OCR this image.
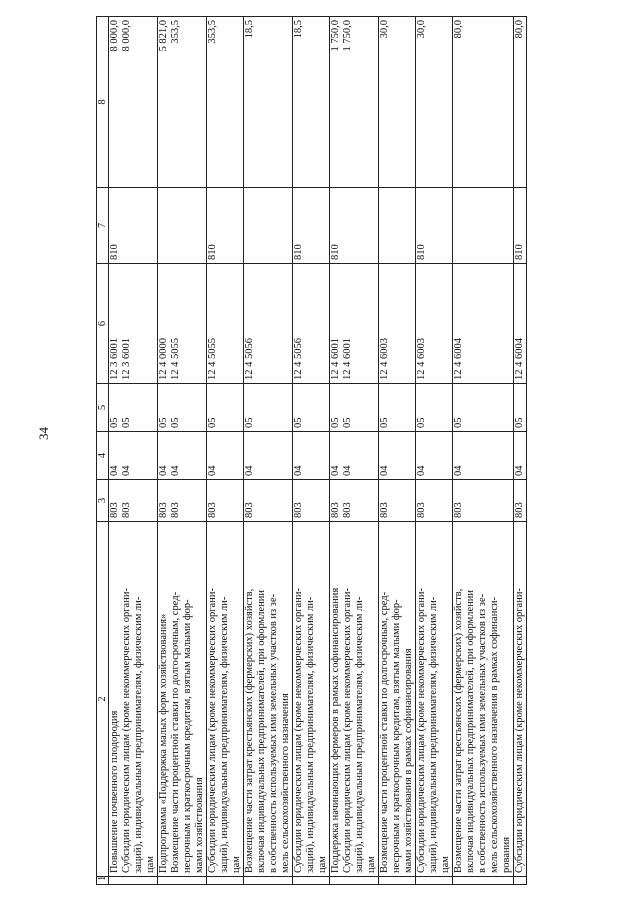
34
1	2	3	4	5	6	7	8

	Повышение почвенного плодородия Субсидии юридическим лицам (кроме некоммерческих органи- заций), индивидуальным предпринимателям, физическим ли- цам	803 803	04 04	05 05	12 3 6001 12 3 6001	810	8 000,0 8 000,0

	Подпрограмма «Поддержка малых форм хозяйствования» Возмещение части процентной ставки по долгосрочным, сред- несрочным и краткосрочным кредитам, взятым малыми фор- мами хозяйствования	803 803	04 04	05 05	12 4 0000 12 4 5055		5 821,0 353,5

	Субсидии юридическим лицам (кроме некоммерческих органи- заций), индивидуальным предпринимателям, физическим ли- цам	803	04	05	12 4 5055	810	353,5

	Возмещение части затрат крестьянских (фермерских) хозяйств, включая индивидуальных предпринимателей, при оформлении в собственность используемых ими земельных участков из зе- мель сельскохозяйственного назначения	803	04	05	12 4 5056		18,5

	Субсидии юридическим лицам (кроме некоммерческих органи- заций), индивидуальным предпринимателям, физическим ли- цам	803	04	05	12 4 5056	810	18,5

	Поддержка начинающих фермеров в рамках софинансирования Субсидии юридическим лицам (кроме некоммерческих органи- заций), индивидуальным предпринимателям, физическим ли- цам	803 803	04 04	05 05	12 4 6001 12 4 6001	810	1 750,0 1 750,0

	Возмещение части процентной ставки по долгосрочным, сред- несрочным и краткосрочным кредитам, взятым малыми фор- мами хозяйствования в рамках софинансирования	803	04	05	12 4 6003		30,0

	Субсидии юридическим лицам (кроме некоммерческих органи- заций), индивидуальным предпринимателям, физическим ли- цам	803	04	05	12 4 6003	810	30,0

	Возмещение части затрат крестьянских (фермерских) хозяйств, включая индивидуальных предпринимателей, при оформлении в собственность используемых ими земельных участков из зе- мель сельскохозяйственного назначения в рамках софинанси- рования	803	04	05	12 4 6004		80,0

	Субсидии юридическим лицам (кроме некоммерческих органи-	803	04	05	12 4 6004	810	80,0
